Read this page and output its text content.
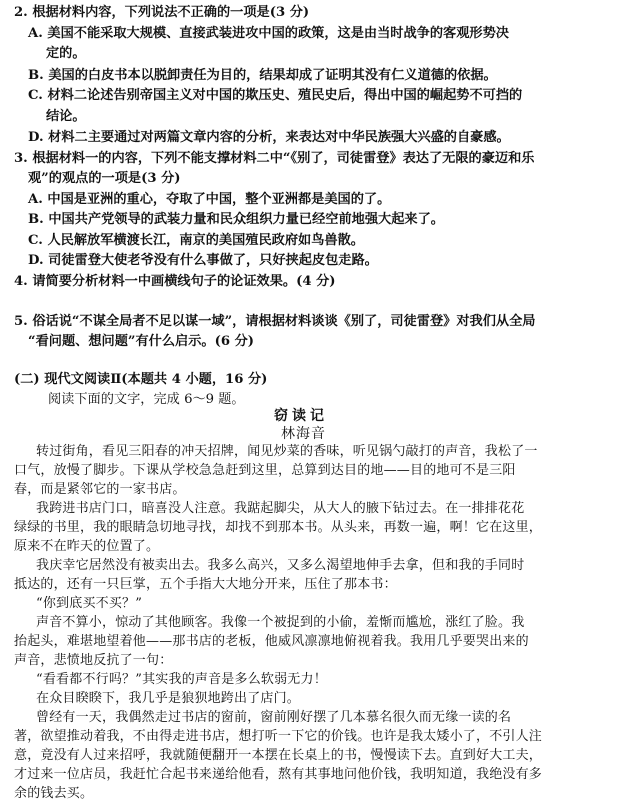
2. 根据材料内容，下列说法不正确的一项是(3 分)
A. 美国不能采取大规模、直接武装进攻中国的政策，这是由当时战争的客观形势决
定的。
B. 美国的白皮书本以脱卸责任为目的，结果却成了证明其没有仁义道德的依据。
C. 材料二论述告别帝国主义对中国的欺压史、殖民史后，得出中国的崛起势不可挡的
结论。
D. 材料二主要通过对两篇文章内容的分析，来表达对中华民族强大兴盛的自豪感。
3. 根据材料一的内容，下列不能支撑材料二中“《别了，司徒雷登》表达了无限的豪迈和乐
观”的观点的一项是(3 分)
A. 中国是亚洲的重心，夺取了中国，整个亚洲都是美国的了。
B. 中国共产党领导的武装力量和民众组织力量已经空前地强大起来了。
C. 人民解放军横渡长江，南京的美国殖民政府如鸟兽散。
D. 司徒雷登大使老爷没有什么事做了，只好挟起皮包走路。
4. 请简要分析材料一中画横线句子的论证效果。(4 分)
5. 俗话说“不谋全局者不足以谋一域”，请根据材料谈谈《别了，司徒雷登》对我们从全局
“看问题、想问题”有什么启示。(6 分)
(二) 现代文阅读Ⅱ(本题共 4 小题，16 分)
阅读下面的文字，完成 6～9 题。
窃读记
林海音
转过街角，看见三阳春的冲天招牌，闻见炒菜的香味，听见锅勺敲打的声音，我松了一
口气，放慢了脚步。下课从学校急急赶到这里，总算到达目的地——目的地可不是三阳
春，而是紧邻它的一家书店。
我跨进书店门口，暗喜没人注意。我踮起脚尖，从大人的腋下钻过去。在一排排花花
绿绿的书里，我的眼睛急切地寻找，却找不到那本书。从头来，再数一遍，啊！它在这里，
原来不在昨天的位置了。
我庆幸它居然没有被卖出去。我多么高兴，又多么渴望地伸手去拿，但和我的手同时
抵达的，还有一只巨掌，五个手指大大地分开来，压住了那本书：
“你到底买不买？”
声音不算小，惊动了其他顾客。我像一个被捉到的小偷，羞惭而尴尬，涨红了脸。我
抬起头，难堪地望着他——那书店的老板，他威风凛凛地俯视着我。我用几乎要哭出来的
声音，悲愤地反抗了一句：
“看看都不行吗？”其实我的声音是多么软弱无力！
在众目睽睽下，我几乎是狼狈地跨出了店门。
曾经有一天，我偶然走过书店的窗前，窗前刚好摆了几本慕名很久而无缘一读的名
著，欲望推动着我，不由得走进书店，想打听一下它的价钱。也许是我太矮小了，不引人注
意，竟没有人过来招呼，我就随便翻开一本摆在长桌上的书，慢慢读下去。直到好大工夫，
才过来一位店员，我赶忙合起书来递给他看，熬有其事地问他价钱，我明知道，我绝没有多
余的钱去买。
